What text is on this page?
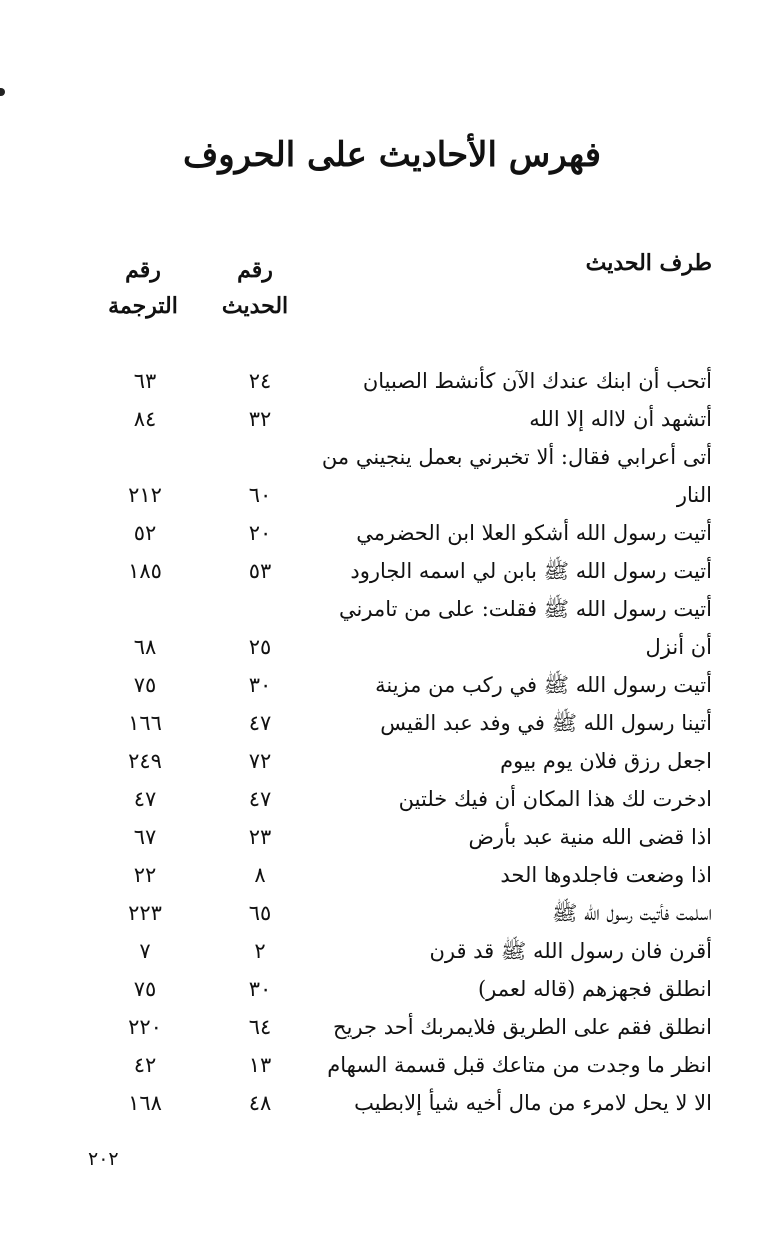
فهرس الأحاديث على الحروف
طرف الحديث
رقم
الحديث
رقم
الترجمة
أتحب أن ابنك عندك الآن كأنشط الصبيان
٢٤
٦٣
أتشهد أن لااله إلا الله
٣٢
٨٤
أتى أعرابي فقال: ألا تخبرني بعمل ينجيني من
النار
٦٠
٢١٢
أتيت رسول الله أشكو العلا ابن الحضرمي
٢٠
٥٢
أتيت رسول الله ﷺ بابن لي اسمه الجارود
٥٣
١٨٥
أتيت رسول الله ﷺ فقلت: على من تامرني
أن أنزل
٢٥
٦٨
أتيت رسول الله ﷺ في ركب من مزينة
٣٠
٧٥
أتينا رسول الله ﷺ في وفد عبد القيس
٤٧
١٦٦
اجعل رزق فلان يوم بيوم
٧٢
٢٤٩
ادخرت لك هذا المكان أن فيك خلتين
٤٧
٤٧
اذا قضى الله منية عبد بأرض
٢٣
٦٧
اذا وضعت فاجلدوها الحد
٨
٢٢
اسلمت فأتيت رسول الله ﷺ
٦٥
٢٢٣
أقرن فان رسول الله ﷺ قد قرن
٢
٧
انطلق فجهزهم (قاله لعمر)
٣٠
٧٥
انطلق فقم على الطريق فلايمربك أحد جريح
٦٤
٢٢٠
انظر ما وجدت من متاعك قبل قسمة السهام
١٣
٤٢
الا لا يحل لامرء من مال أخيه شيأ إلابطيب
٤٨
١٦٨
٢٠٢
